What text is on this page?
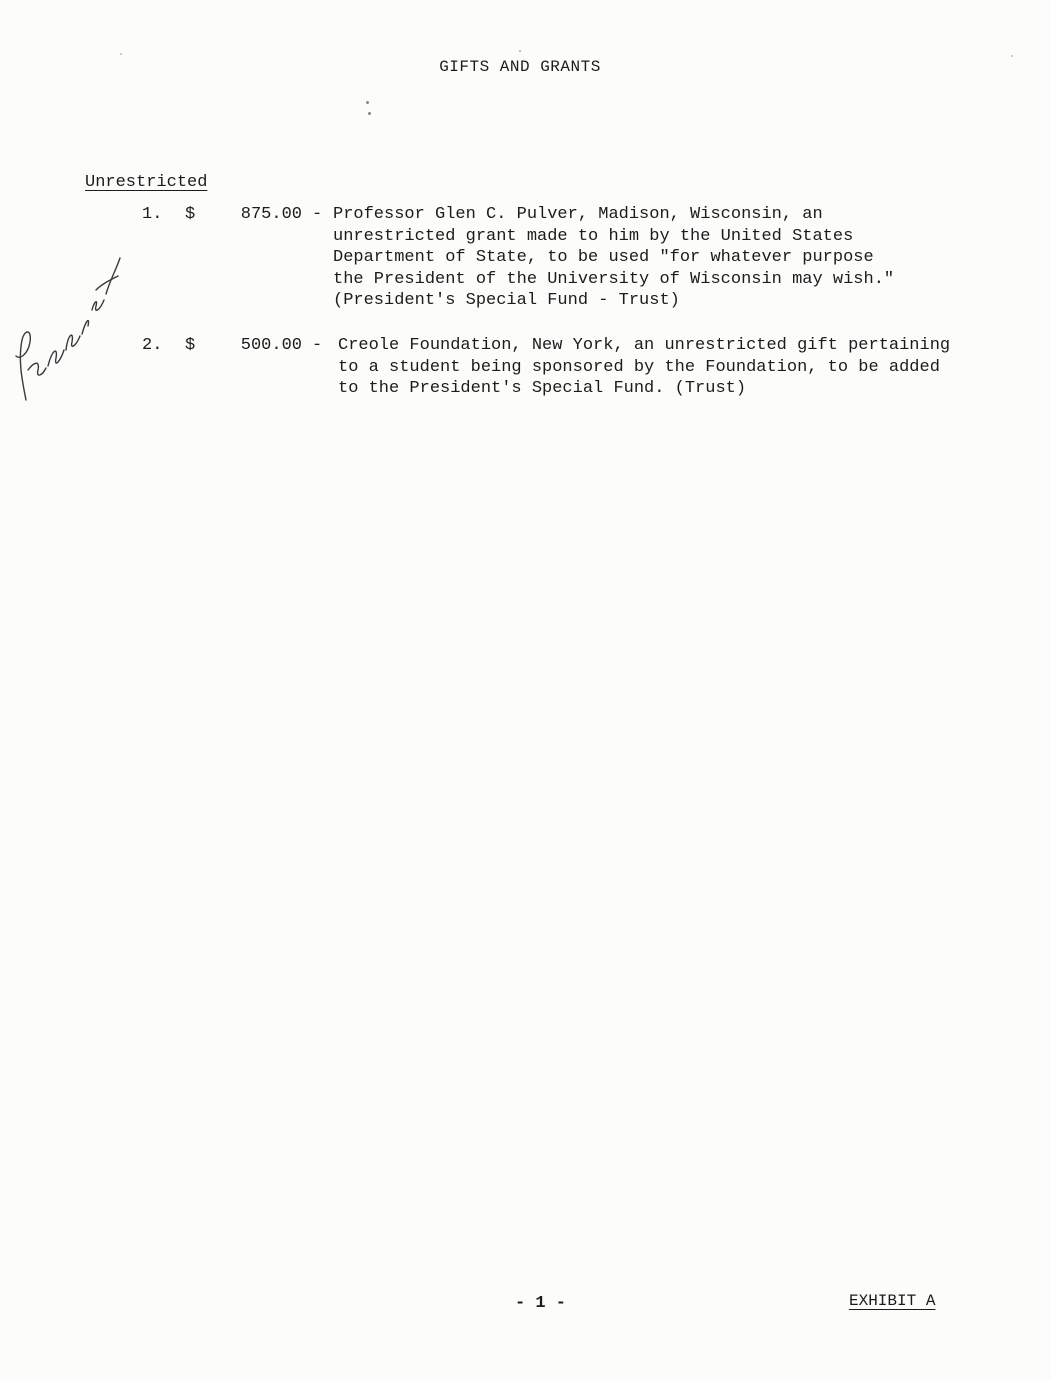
GIFTS AND GRANTS
Unrestricted
1. $	875.00 - Professor Glen C. Pulver, Madison, Wisconsin, an
unrestricted grant made to him by the United States
Department of State, to be used "for whatever purpose
the President of the University of Wisconsin may wish."
(President's Special Fund - Trust)
2. $	500.00 - Creole Foundation, New York, an unrestricted gift pertaining
to a student being sponsored by the Foundation, to be added
to the President's Special Fund. (Trust)
- 1 -	EXHIBIT A
